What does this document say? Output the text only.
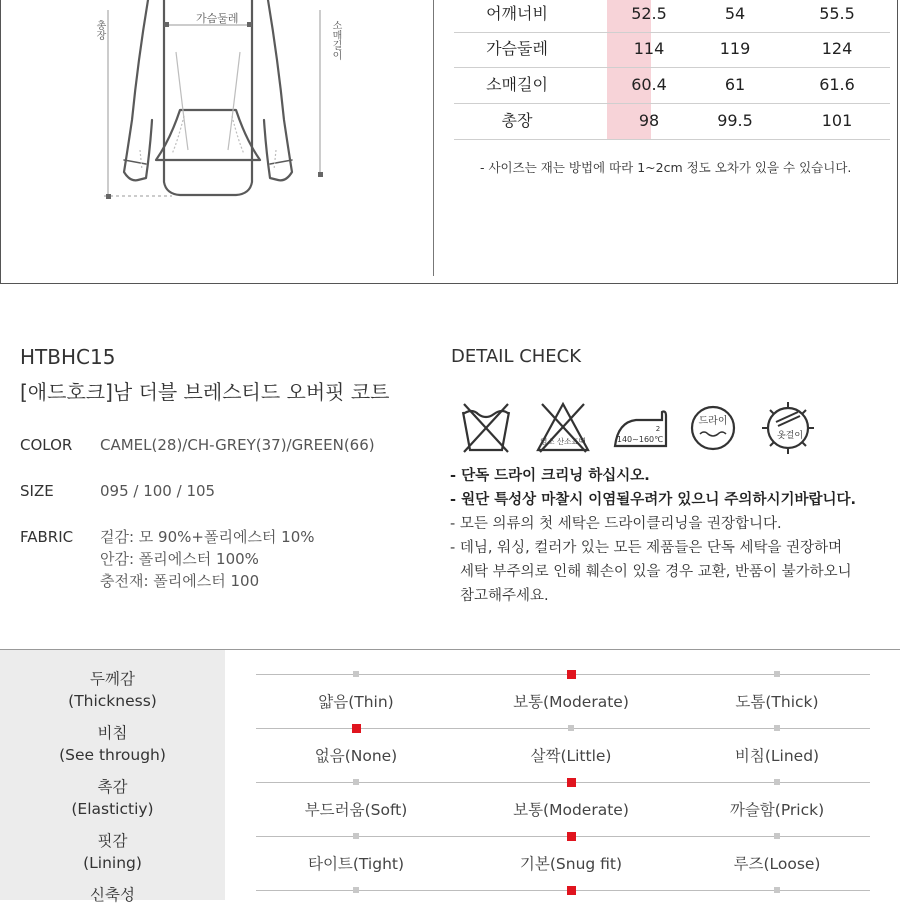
가슴둘레
총장	소매길이
어깨너비	52.5	54	55.5
가슴둘레	114	119	124
소매길이	60.4	61	61.6
총장	98	99.5	101
- 사이즈는 재는 방법에 따라 1~2cm 정도 오차가 있을 수 있습니다.
HTBHC15
[애드호크]남 더블 브레스티드 오버핏 코트
COLOR CAMEL(28)/CH-GREY(37)/GREEN(66)
SIZE	095 / 100 / 105
FABRIC 겉감: 모 90%+폴리에스터 10%
안감: 폴리에스터 100%
충전재: 폴리에스터 100
DETAIL CHECK
염소 산소표백
2
140~160℃
드라이
옷걸이
- 단독 드라이 크리닝 하십시오.
- 원단 특성상 마찰시 이염될우려가 있으니 주의하시기바랍니다.
- 모든 의류의 첫 세탁은 드라이클리닝을 권장합니다.
- 데님, 워싱, 컬러가 있는 모든 제품들은 단독 세탁을 권장하며
세탁 부주의로 인해 훼손이 있을 경우 교환, 반품이 불가하오니
참고해주세요.
두께감
(Thickness)	얇음(Thin)	보통(Moderate)	도톰(Thick)
비침
(See through)	없음(None)	살짝(Little)	비침(Lined)
촉감
(Elastictiy)	부드러움(Soft)	보통(Moderate)	까슬함(Prick)
핏감
(Lining)	타이트(Tight)	기본(Snug fit)	루즈(Loose)
신축성
